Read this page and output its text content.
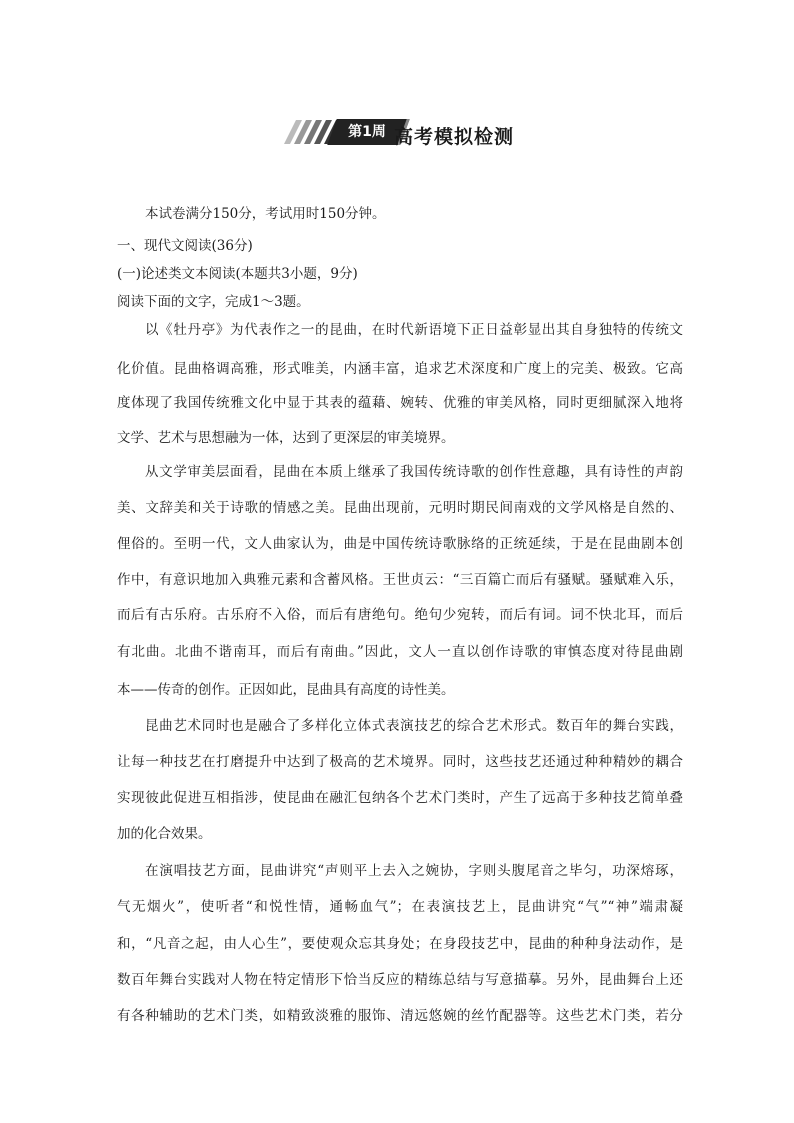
第1周 高考模拟检测
本试卷满分150分，考试用时150分钟。
一、现代文阅读(36分)
(一)论述类文本阅读(本题共3小题，9分)
阅读下面的文字，完成1～3题。
以《牡丹亭》为代表作之一的昆曲，在时代新语境下正日益彰显出其自身独特的传统文
化价值。昆曲格调高雅，形式唯美，内涵丰富，追求艺术深度和广度上的完美、极致。它高
度体现了我国传统雅文化中显于其表的蕴藉、婉转、优雅的审美风格，同时更细腻深入地将
文学、艺术与思想融为一体，达到了更深层的审美境界。
从文学审美层面看，昆曲在本质上继承了我国传统诗歌的创作性意趣，具有诗性的声韵
美、文辞美和关于诗歌的情感之美。昆曲出现前，元明时期民间南戏的文学风格是自然的、
俚俗的。至明一代，文人曲家认为，曲是中国传统诗歌脉络的正统延续，于是在昆曲剧本创
作中，有意识地加入典雅元素和含蓄风格。王世贞云：“三百篇亡而后有骚赋。骚赋难入乐，
而后有古乐府。古乐府不入俗，而后有唐绝句。绝句少宛转，而后有词。词不快北耳，而后
有北曲。北曲不谐南耳，而后有南曲。”因此，文人一直以创作诗歌的审慎态度对待昆曲剧
本——传奇的创作。正因如此，昆曲具有高度的诗性美。
昆曲艺术同时也是融合了多样化立体式表演技艺的综合艺术形式。数百年的舞台实践，
让每一种技艺在打磨提升中达到了极高的艺术境界。同时，这些技艺还通过种种精妙的耦合
实现彼此促进互相指涉，使昆曲在融汇包纳各个艺术门类时，产生了远高于多种技艺简单叠
加的化合效果。
在演唱技艺方面，昆曲讲究“声则平上去入之婉协，字则头腹尾音之毕匀，功深熔琢，
气无烟火”，使听者“和悦性情，通畅血气”；在表演技艺上，昆曲讲究“气”“神”端肃凝
和，“凡音之起，由人心生”，要使观众忘其身处；在身段技艺中，昆曲的种种身法动作，是
数百年舞台实践对人物在特定情形下恰当反应的精练总结与写意描摹。另外，昆曲舞台上还
有各种辅助的艺术门类，如精致淡雅的服饰、清远悠婉的丝竹配器等。这些艺术门类，若分
